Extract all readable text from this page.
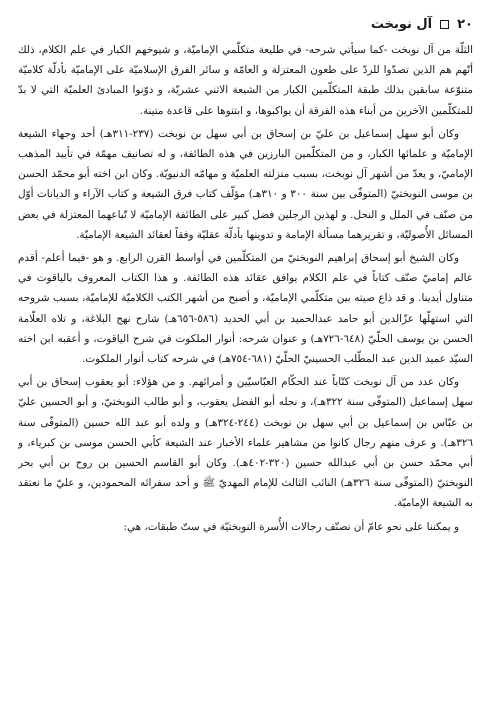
٢٠
آل نوبخت

الثلّة من آل نوبخت -كما سيأتي شرحه- في طليعة متكلّمي الإماميّة، و شيوخهم الكبار في علم الكلام، ذلك أنّهم هم الذين تصدّوا للردّ على طعون المعتزلة و العامّة و سائر الفرق الإسلاميّة على الإماميّة بأدلّة كلاميّة متنوّعة سابقين بذلك طبقة المتكلّمين الكبار من الشيعة الاثني عشريّة، و دوّنوا المبادئ العلميّة التي لا بدّ للمتكلّمين الآخرين من أبناء هذه الفرقة أن يواكبوها، و ابتنوها على قاعدة متينة.

وكان أبو سهل إسماعيل بن عليّ بن إسحاق بن أبي سهل بن نوبخت (٢٣٧-٣١١هـ) أحد وجهاء الشيعة الإماميّة و علمائها الكبار، و من المتكلّمين البارزين في هذه الطائفة، و له تصانيف مهمّة في تأييد المذهب الإماميّ، و يعدّ من أشهر آل نوبخت، بسبب منزلته العلميّة و مهامّه الدنيويّة. وكان ابن اخته أبو محمّد الحسن بن موسى النوبختيّ (المتوفّى بين سنة ٣٠٠ و ٣١٠هـ) مؤلّف كتاب فرق الشيعة و كتاب الآراء و الديانات أوّل من صنّف في الملل و النحل. و لهذين الرجلين فضل كبير على الطائفة الإماميّة لا تّباعهما المعتزلة في بعض المسائل الأُصوليّة، و تقريرهما مسألة الإمامة و تدوينها بأدلّة عقليّة وفقاً لعقائد الشيعة الإماميّة.

وكان الشيخ أبو إسحاق إبراهيم النوبختيّ من المتكلّمين في أواسط القرن الرابع. و هو -فيما أعلم- أقدم عالم إماميّ صنّف كتاباً في علم الكلام يوافق عقائد هذه الطائفة. و هذا الكتاب المعروف بالياقوت في متناول أيدينا. و قد ذاع صيته بين متكلّمي الإماميّة، و أصبح من أشهر الكتب الكلاميّة للإماميّة، بسبب شروحه التي استهلّها عزّالدين أبو حامد عبدالحميد بن أبي الحديد (٥٨٦-٦٥٦هـ) شارح نهج البلاغة، و تلاه العلّامة الحسن بن يوسف الحلّيّ (٦٤٨-٧٢٦هـ) و عنوان شرحه: أنوار الملكوت في شرح الياقوت، و أعقبه ابن اخته السيّد عميد الدين عبد المطّلب الحسينيّ الحلّيّ (٦٨١-٧٥٤هـ) في شرحه كتاب أنوار الملكوت.

وكان عدد من آل نوبخت كتّاباً عند الحكّام العبّاسيّين و أمرائهم. و من هؤلاء: أبو يعقوب إسحاق بن أبي سهل إسماعيل (المتوفّى سنة ٣٢٢هـ)، و نجله أبو الفضل يعقوب، و أبو طالب النوبختيّ، و أبو الحسين عليّ بن عبّاس بن إسماعيل بن أبي سهل بن نوبخت (٢٤٤-٣٢٤هـ) و ولده أبو عبد الله حسين (المتوفّى سنة ٣٢٦هـ). و عرف منهم رجال كانوا من مشاهير علماء الأخبار عند الشيعة كأبي الحسن موسى بن كبرياء، و أبي محمّد حسن بن أبي عبدالله حسين (٣٢٠-٤٠٢هـ). وكان أبو القاسم الحسين بن روح بن أبي بحر النوبختيّ (المتوفّى سنة ٣٢٦هـ) النائب الثالث للإمام المهديّ ﷺ و أحد سفرائه المحمودين، و عليّ ما نعتقد به الشيعة الإماميّة.

و يمكننا على نحو عامّ أن نصنّف رجالات الأُسرة النوبختيّة في ستّ طبقات، هي:
